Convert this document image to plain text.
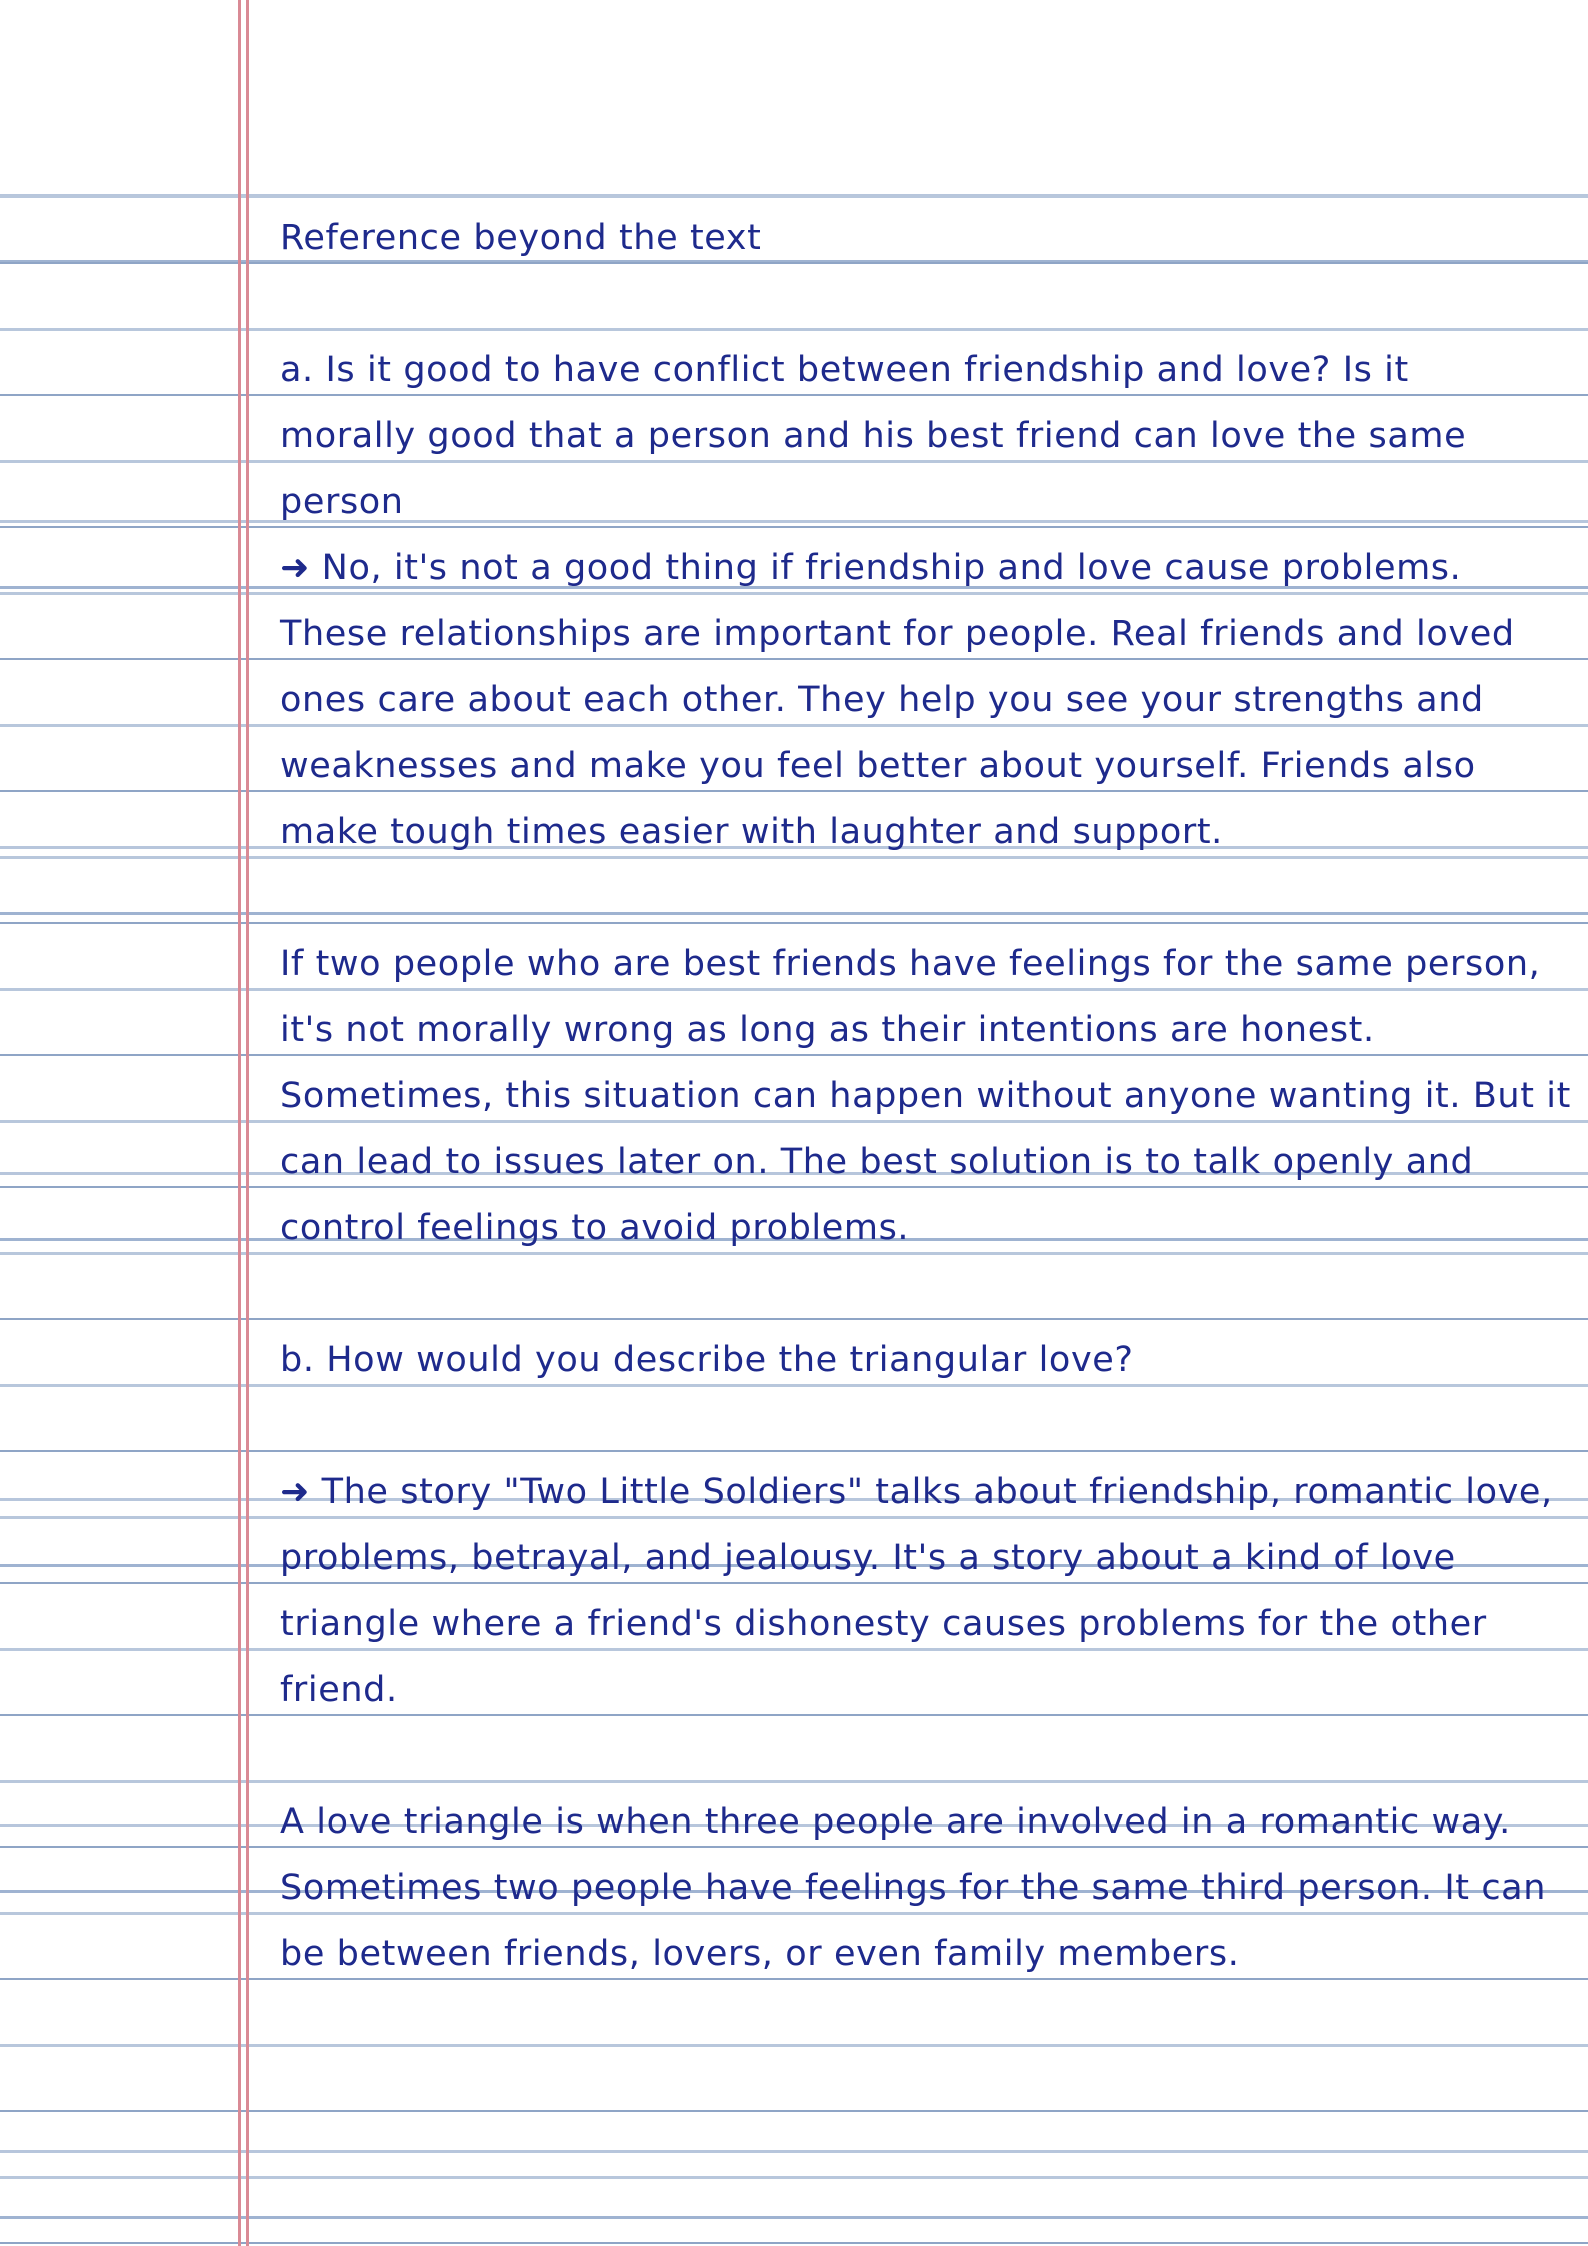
Reference beyond the text
a. Is it good to have conflict between friendship and love? Is it
morally good that a person and his best friend can love the same
person
➜ No, it's not a good thing if friendship and love cause problems.
These relationships are important for people. Real friends and loved
ones care about each other. They help you see your strengths and
weaknesses and make you feel better about yourself. Friends also
make tough times easier with laughter and support.
If two people who are best friends have feelings for the same person,
it's not morally wrong as long as their intentions are honest.
Sometimes, this situation can happen without anyone wanting it. But it
can lead to issues later on. The best solution is to talk openly and
control feelings to avoid problems.
b. How would you describe the triangular love?
➜ The story "Two Little Soldiers" talks about friendship, romantic love,
problems, betrayal, and jealousy. It's a story about a kind of love
triangle where a friend's dishonesty causes problems for the other
friend.
A love triangle is when three people are involved in a romantic way.
Sometimes two people have feelings for the same third person. It can
be between friends, lovers, or even family members.
